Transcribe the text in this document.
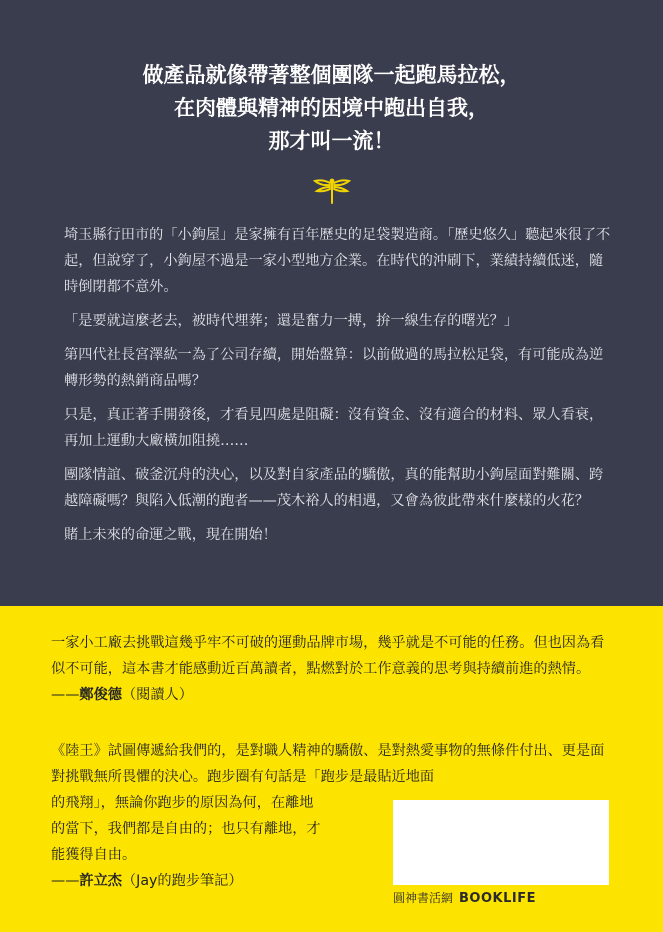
做產品就像帶著整個團隊一起跑馬拉松，
在肉體與精神的困境中跑出自我，
那才叫一流！

埼玉縣行田市的「小鉤屋」是家擁有百年歷史的足袋製造商。「歷史悠久」聽起來很了不起，但說穿了，小鉤屋不過是一家小型地方企業。在時代的沖刷下，業績持續低迷，隨時倒閉都不意外。

「是要就這麼老去，被時代埋葬；還是奮力一搏，拚一線生存的曙光？」

第四代社長宮澤紘一為了公司存續，開始盤算：以前做過的馬拉松足袋，有可能成為逆轉形勢的熱銷商品嗎？

只是，真正著手開發後，才看見四處是阻礙：沒有資金、沒有適合的材料、眾人看衰，再加上運動大廠橫加阻撓……

團隊情誼、破釜沉舟的決心，以及對自家產品的驕傲，真的能幫助小鉤屋面對難關、跨越障礙嗎？與陷入低潮的跑者——茂木裕人的相遇，又會為彼此帶來什麼樣的火花？

賭上未來的命運之戰，現在開始！

一家小工廠去挑戰這幾乎牢不可破的運動品牌市場，幾乎就是不可能的任務。但也因為看似不可能，這本書才能感動近百萬讀者，點燃對於工作意義的思考與持續前進的熱情。

——鄭俊德（閱讀人）

《陸王》試圖傳遞給我們的，是對職人精神的驕傲、是對熱愛事物的無條件付出、更是面對挑戰無所畏懼的決心。跑步圈有句話是「跑步是最貼近地面

的飛翔」，無論你跑步的原因為何，在離地
的當下，我們都是自由的；也只有離地，才
能獲得自由。

——許立杰（Jay的跑步筆記）

圓神書活網 BOOKLIFE
